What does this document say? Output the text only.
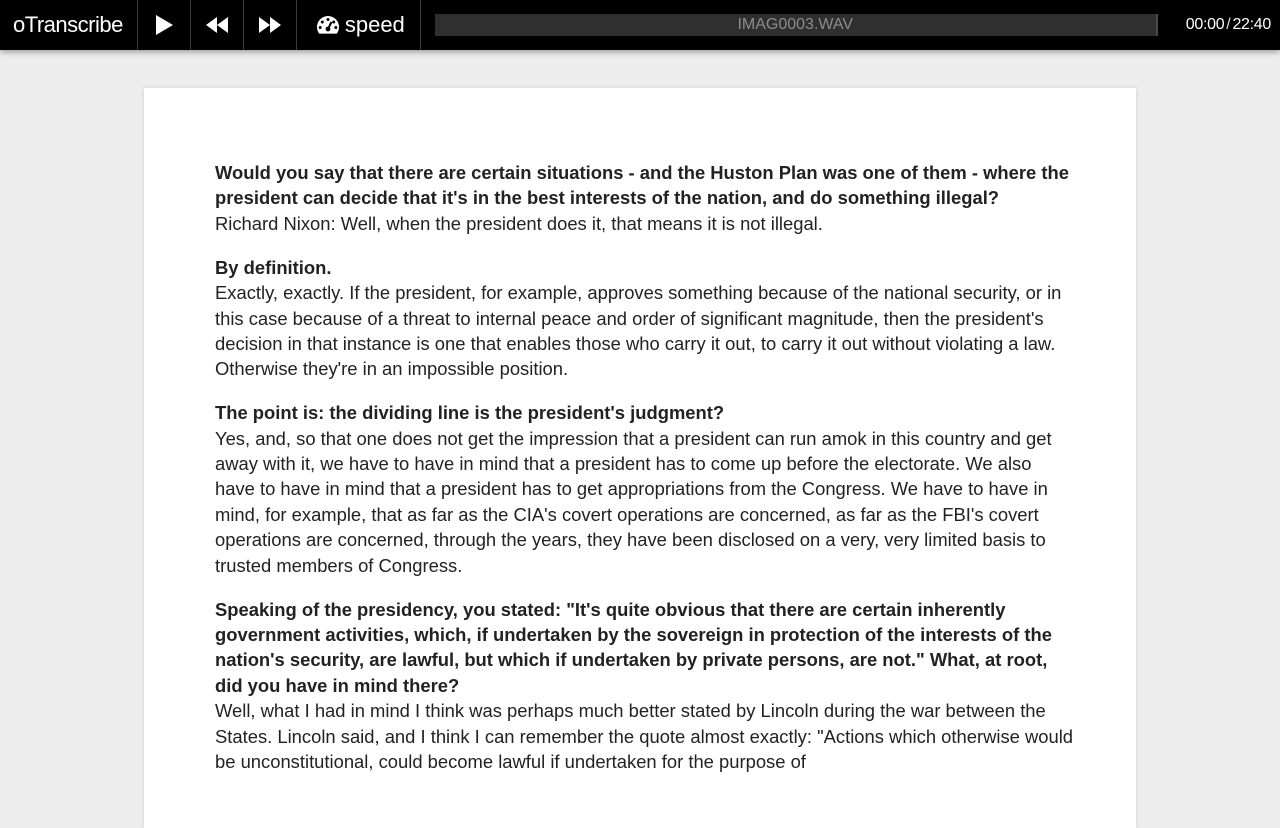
oTranscribe	speed	IMAG0003.WAV	00:00 / 22:40
Would you say that there are certain situations - and the Huston Plan was one of them - where the president can decide that it's in the best interests of the nation, and do something illegal?
Richard Nixon: Well, when the president does it, that means it is not illegal.
By definition.
Exactly, exactly. If the president, for example, approves something because of the national security, or in this case because of a threat to internal peace and order of significant magnitude, then the president's decision in that instance is one that enables those who carry it out, to carry it out without violating a law. Otherwise they're in an impossible position.
The point is: the dividing line is the president's judgment?
Yes, and, so that one does not get the impression that a president can run amok in this country and get away with it, we have to have in mind that a president has to come up before the electorate. We also have to have in mind that a president has to get appropriations from the Congress. We have to have in mind, for example, that as far as the CIA's covert operations are concerned, as far as the FBI's covert operations are concerned, through the years, they have been disclosed on a very, very limited basis to trusted members of Congress.
Speaking of the presidency, you stated: "It's quite obvious that there are certain inherently government activities, which, if undertaken by the sovereign in protection of the interests of the nation's security, are lawful, but which if undertaken by private persons, are not." What, at root, did you have in mind there?
Well, what I had in mind I think was perhaps much better stated by Lincoln during the war between the States. Lincoln said, and I think I can remember the quote almost exactly: "Actions which otherwise would be unconstitutional, could become lawful if undertaken for the purpose of
